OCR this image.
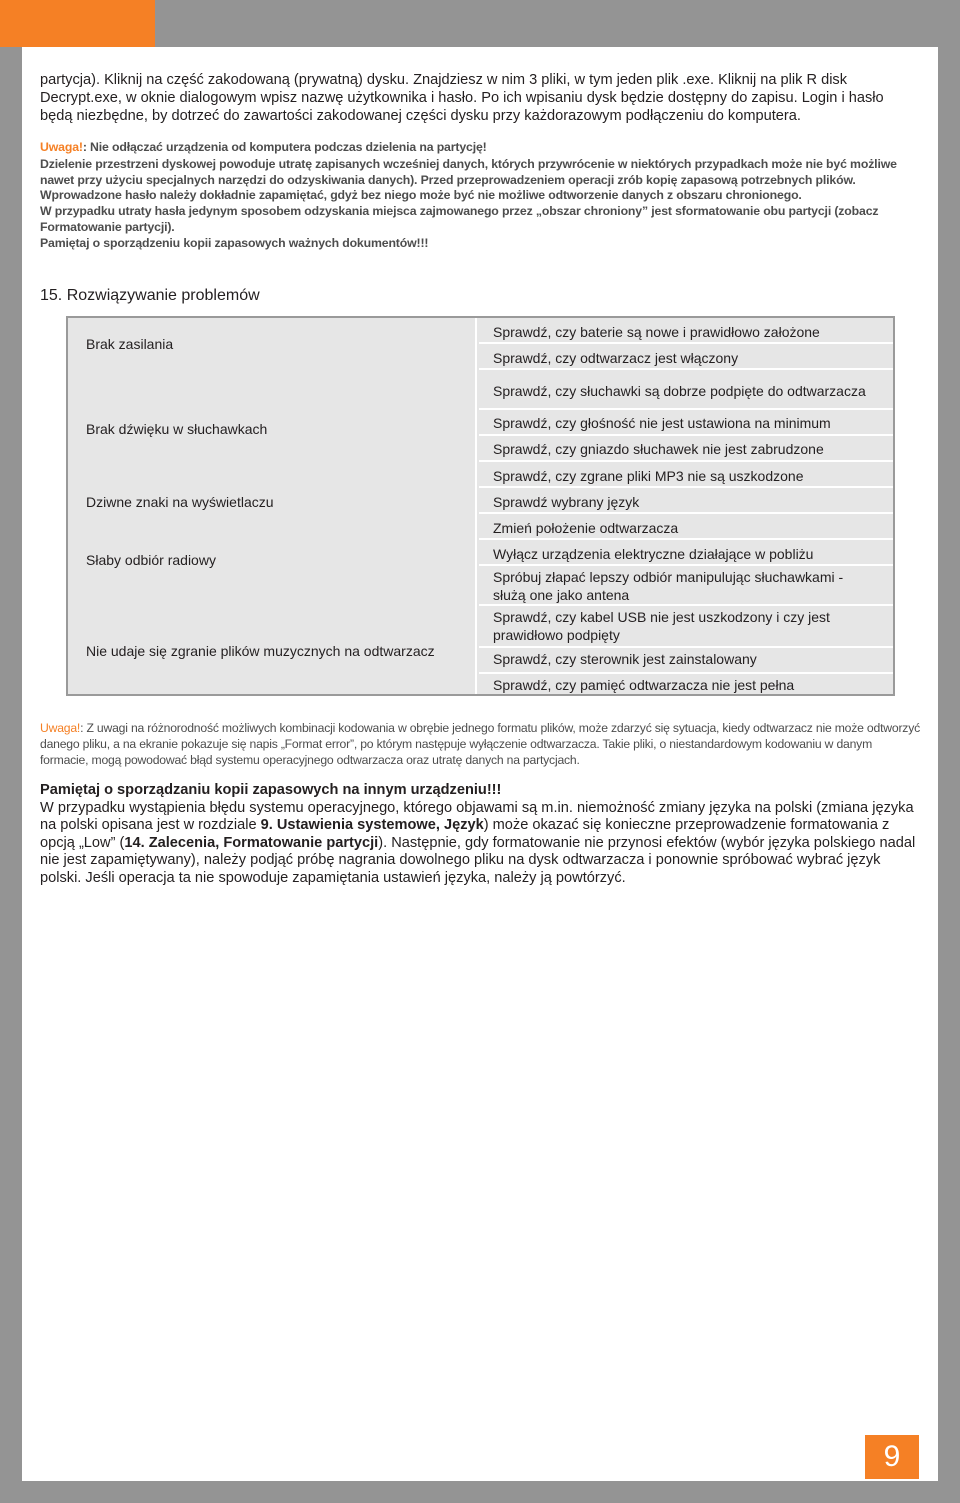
partycja). Kliknij na część zakodowaną (prywatną) dysku. Znajdziesz w nim 3 pliki, w tym jeden plik .exe. Kliknij na plik R disk Decrypt.exe, w oknie dialogowym wpisz nazwę użytkownika i hasło. Po ich wpisaniu dysk będzie dostępny do zapisu. Login i hasło będą niezbędne, by dotrzeć do zawartości zakodowanej części dysku przy każdorazowym podłączeniu do komputera.

Uwaga!: Nie odłączać urządzenia od komputera podczas dzielenia na partycję!

Dzielenie przestrzeni dyskowej powoduje utratę zapisanych wcześniej danych, których przywrócenie w niektórych przypadkach może nie być możliwe nawet przy użyciu specjalnych narzędzi do odzyskiwania danych). Przed przeprowadzeniem operacji zrób kopię zapasową potrzebnych plików.

Wprowadzone hasło należy dokładnie zapamiętać, gdyż bez niego może być nie możliwe odtworzenie danych z obszaru chronionego.

W przypadku utraty hasła jedynym sposobem odzyskania miejsca zajmowanego przez „obszar chroniony” jest sformatowanie obu partycji (zobacz Formatowanie partycji).

Pamiętaj o sporządzeniu kopii zapasowych ważnych dokumentów!!!

15. Rozwiązywanie problemów
Brak zasilania
Brak dźwięku w słuchawkach
Dziwne znaki na wyświetlaczu
Słaby odbiór radiowy
Nie udaje się zgranie plików muzycznych na odtwarzacz
Sprawdź, czy baterie są nowe i prawidłowo założone
Sprawdź, czy odtwarzacz jest włączony
Sprawdź, czy słuchawki są dobrze podpięte do odtwarzacza
Sprawdź, czy głośność nie jest ustawiona na minimum
Sprawdź, czy gniazdo słuchawek nie jest zabrudzone
Sprawdź, czy zgrane pliki MP3 nie są uszkodzone
Sprawdź wybrany język
Zmień położenie odtwarzacza
Wyłącz urządzenia elektryczne działające w pobliżu
Spróbuj złapać lepszy odbiór manipulując słuchawkami - służą one jako antena
Sprawdź, czy kabel USB nie jest uszkodzony i czy jest prawidłowo podpięty
Sprawdź, czy sterownik jest zainstalowany
Sprawdź, czy pamięć odtwarzacza nie jest pełna

Uwaga!: Z uwagi na różnorodność możliwych kombinacji kodowania w obrębie jednego formatu plików, może zdarzyć się sytuacja, kiedy odtwarzacz nie może odtworzyć danego pliku, a na ekranie pokazuje się napis „Format error”, po którym następuje wyłączenie odtwarzacza. Takie pliki, o niestandardowym kodowaniu w danym formacie, mogą powodować błąd systemu operacyjnego odtwarzacza oraz utratę danych na partycjach.

Pamiętaj o sporządzaniu kopii zapasowych na innym urządzeniu!!!

W przypadku wystąpienia błędu systemu operacyjnego, którego objawami są m.in. niemożność zmiany języka na polski (zmiana języka na polski opisana jest w rozdziale 9. Ustawienia systemowe, Język) może okazać się konieczne przeprowadzenie formatowania z opcją „Low” (14. Zalecenia, Formatowanie partycji). Następnie, gdy formatowanie nie przynosi efektów (wybór języka polskiego nadal nie jest zapamiętywany), należy podjąć próbę nagrania dowolnego pliku na dysk odtwarzacza i ponownie spróbować wybrać język polski. Jeśli operacja ta nie spowoduje zapamiętania ustawień języka, należy ją powtórzyć.

9
